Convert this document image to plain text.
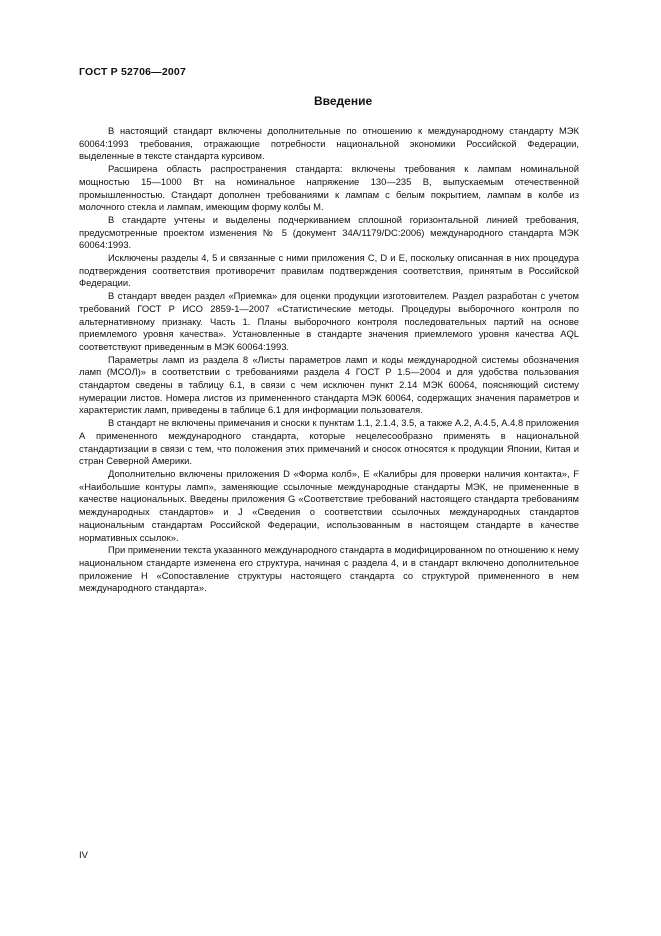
ГОСТ Р 52706—2007
Введение

В настоящий стандарт включены дополнительные по отношению к международному стандарту МЭК 60064:1993 требования, отражающие потребности национальной экономики Российской Федерации, выделенные в тексте стандарта курсивом.

Расширена область распространения стандарта: включены требования к лампам номинальной мощностью 15—1000 Вт на номинальное напряжение 130—235 В, выпускаемым отечественной промышленностью. Стандарт дополнен требованиями к лампам с белым покрытием, лампам в колбе из молочного стекла и лампам, имеющим форму колбы М.

В стандарте учтены и выделены подчеркиванием сплошной горизонтальной линией требования, предусмотренные проектом изменения № 5 (документ 34А/1179/DC:2006) международного стандарта МЭК 60064:1993.

Исключены разделы 4, 5 и связанные с ними приложения C, D и E, поскольку описанная в них процедура подтверждения соответствия противоречит правилам подтверждения соответствия, принятым в Российской Федерации.

В стандарт введен раздел «Приемка» для оценки продукции изготовителем. Раздел разработан с учетом требований ГОСТ Р ИСО 2859-1—2007 «Статистические методы. Процедуры выборочного контроля по альтернативному признаку. Часть 1. Планы выборочного контроля последовательных партий на основе приемлемого уровня качества». Установленные в стандарте значения приемлемого уровня качества AQL соответствуют приведенным в МЭК 60064:1993.

Параметры ламп из раздела 8 «Листы параметров ламп и коды международной системы обозначения ламп (МСОЛ)» в соответствии с требованиями раздела 4 ГОСТ Р 1.5—2004 и для удобства пользования стандартом сведены в таблицу 6.1, в связи с чем исключен пункт 2.14 МЭК 60064, поясняющий систему нумерации листов. Номера листов из примененного стандарта МЭК 60064, содержащих значения параметров и характеристик ламп, приведены в таблице 6.1 для информации пользователя.

В стандарт не включены примечания и сноски к пунктам 1.1, 2.1.4, 3.5, а также А.2, А.4.5, А.4.8 приложения А примененного международного стандарта, которые нецелесообразно применять в национальной стандартизации в связи с тем, что положения этих примечаний и сносок относятся к продукции Японии, Китая и стран Северной Америки.

Дополнительно включены приложения D «Форма колб», E «Калибры для проверки наличия контакта», F «Наибольшие контуры ламп», заменяющие ссылочные международные стандарты МЭК, не примененные в качестве национальных. Введены приложения G «Соответствие требований настоящего стандарта требованиям международных стандартов» и J «Сведения о соответствии ссылочных международных стандартов национальным стандартам Российской Федерации, использованным в настоящем стандарте в качестве нормативных ссылок».

При применении текста указанного международного стандарта в модифицированном по отношению к нему национальном стандарте изменена его структура, начиная с раздела 4, и в стандарт включено дополнительное приложение Н «Сопоставление структуры настоящего стандарта со структурой примененного в нем международного стандарта».

IV
